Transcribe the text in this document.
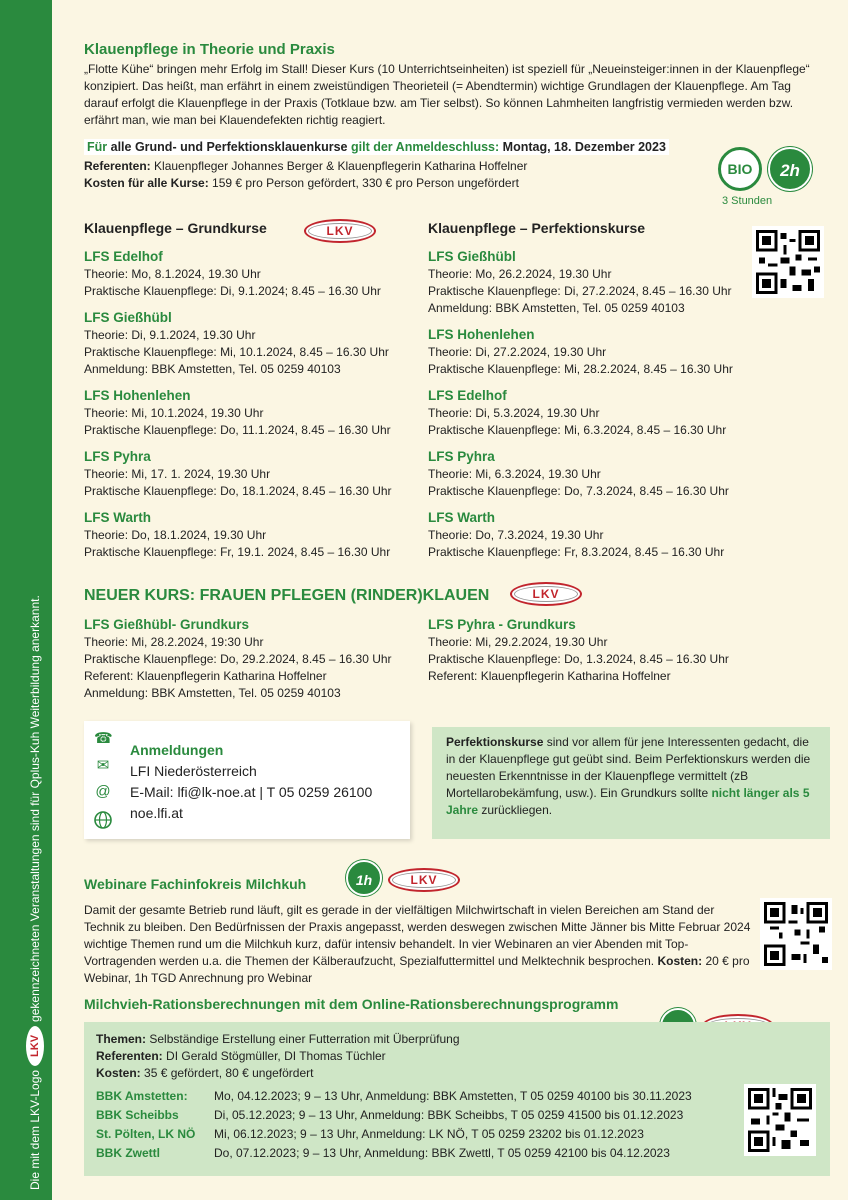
Die mit dem LKV-Logo
LKV
gekennzeichneten Veranstaltungen sind für Qplus-Kuh Weiterbildung anerkannt.
Klauenpflege in Theorie und Praxis
„Flotte Kühe“ bringen mehr Erfolg im Stall! Dieser Kurs (10 Unterrichtseinheiten) ist speziell für „Neueinsteiger:innen in der Klauenpflege“ konzipiert. Das heißt, man erfährt in einem zweistündigen Theorieteil (= Abendtermin) wichtige Grundlagen der Klauenpflege. Am Tag darauf erfolgt die Klauenpflege in der Praxis (Totklaue bzw. am Tier selbst). So können Lahmheiten langfristig vermieden werden bzw. erfährt man, wie man bei Klauendefekten richtig reagiert.
Für alle Grund- und Perfektionsklauenkurse gilt der Anmeldeschluss: Montag, 18. Dezember 2023
Referenten: Klauenpfleger Johannes Berger & Klauenpflegerin Katharina Hoffelner
Kosten für alle Kurse: 159 € pro Person gefördert, 330 € pro Person ungefördert
BIO	2h
3 Stunden
Klauenpflege – Grundkurse	LKV
LFS Edelhof
Theorie: Mo, 8.1.2024, 19.30 Uhr
Praktische Klauenpflege: Di, 9.1.2024; 8.45 – 16.30 Uhr
LFS Gießhübl
Theorie: Di, 9.1.2024, 19.30 Uhr
Praktische Klauenpflege: Mi, 10.1.2024, 8.45 – 16.30 Uhr
Anmeldung: BBK Amstetten, Tel. 05 0259 40103
LFS Hohenlehen
Theorie: Mi, 10.1.2024, 19.30 Uhr
Praktische Klauenpflege: Do, 11.1.2024, 8.45 – 16.30 Uhr
LFS Pyhra
Theorie: Mi, 17. 1. 2024, 19.30 Uhr
Praktische Klauenpflege: Do, 18.1.2024, 8.45 – 16.30 Uhr
LFS Warth
Theorie: Do, 18.1.2024, 19.30 Uhr
Praktische Klauenpflege: Fr, 19.1. 2024, 8.45 – 16.30 Uhr
Klauenpflege – Perfektionskurse
LFS Gießhübl
Theorie: Mo, 26.2.2024, 19.30 Uhr
Praktische Klauenpflege: Di, 27.2.2024, 8.45 – 16.30 Uhr
Anmeldung: BBK Amstetten, Tel. 05 0259 40103
LFS Hohenlehen
Theorie: Di, 27.2.2024, 19.30 Uhr
Praktische Klauenpflege: Mi, 28.2.2024, 8.45 – 16.30 Uhr
LFS Edelhof
Theorie: Di, 5.3.2024, 19.30 Uhr
Praktische Klauenpflege: Mi, 6.3.2024, 8.45 – 16.30 Uhr
LFS Pyhra
Theorie: Mi, 6.3.2024, 19.30 Uhr
Praktische Klauenpflege: Do, 7.3.2024, 8.45 – 16.30 Uhr
LFS Warth
Theorie: Do, 7.3.2024, 19.30 Uhr
Praktische Klauenpflege: Fr, 8.3.2024, 8.45 – 16.30 Uhr
NEUER KURS: FRAUEN PFLEGEN (RINDER)KLAUEN	LKV
LFS Gießhübl- Grundkurs
Theorie: Mi, 28.2.2024, 19:30 Uhr
Praktische Klauenpflege: Do, 29.2.2024, 8.45 – 16.30 Uhr
Referent: Klauenpflegerin Katharina Hoffelner
Anmeldung: BBK Amstetten, Tel. 05 0259 40103
LFS Pyhra - Grundkurs
Theorie: Mi, 29.2.2024, 19.30 Uhr
Praktische Klauenpflege: Do, 1.3.2024, 8.45 – 16.30 Uhr
Referent: Klauenpflegerin Katharina Hoffelner
☎
✉
@
Anmeldungen
LFI Niederösterreich
E-Mail: lfi@lk-noe.at | T 05 0259 26100
noe.lfi.at
Perfektionskurse sind vor allem für jene Interessenten gedacht, die in der Klauenpflege gut geübt sind. Beim Perfektionskurs werden die neuesten Erkenntnisse in der Klauenpflege vermittelt (zB Mortellarobekämfung, usw.). Ein Grundkurs sollte nicht länger als 5 Jahre zurückliegen.
Webinare Fachinfokreis Milchkuh	1h	LKV
Damit der gesamte Betrieb rund läuft, gilt es gerade in der vielfältigen Milchwirtschaft in vielen Bereichen am Stand der Technik zu bleiben. Den Bedürfnissen der Praxis angepasst, werden deswegen zwischen Mitte Jänner bis Mitte Februar 2024 wichtige Themen rund um die Milchkuh kurz, dafür intensiv behandelt. In vier Webinaren an vier Abenden mit Top-Vortragenden werden u.a. die Themen der Kälberaufzucht, Spezialfuttermittel und Melktechnik besprochen. Kosten: 20 € pro Webinar, 1h TGD Anrechnung pro Webinar
Milchvieh-Rationsberechnungen mit dem Online-Rationsberechnungsprogramm
Themen: Selbständige Erstellung einer Futterration mit Überprüfung
Referenten: DI Gerald Stögmüller, DI Thomas Tüchler
Kosten: 35 € gefördert, 80 € ungefördert
BBK Amstetten: Mo, 04.12.2023; 9 – 13 Uhr, Anmeldung: BBK Amstetten, T 05 0259 40100 bis 30.11.2023
BBK Scheibbs	Di, 05.12.2023; 9 – 13 Uhr, Anmeldung: BBK Scheibbs, T 05 0259 41500 bis 01.12.2023
St. Pölten, LK NÖ Mi, 06.12.2023; 9 – 13 Uhr, Anmeldung: LK NÖ, T 05 0259 23202 bis 01.12.2023
BBK Zwettl	Do, 07.12.2023; 9 – 13 Uhr, Anmeldung: BBK Zwettl, T 05 0259 42100 bis 04.12.2023
